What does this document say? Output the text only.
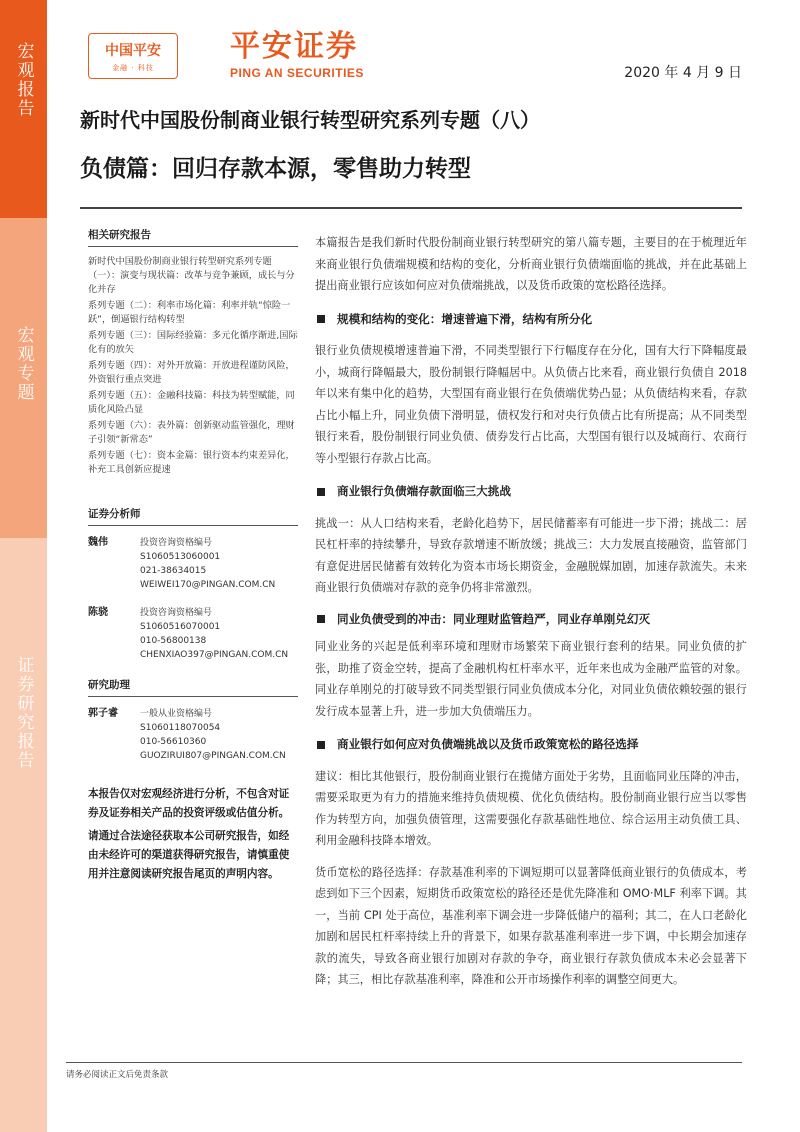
宏观报告
宏观专题
证券研究报告
中国平安
金融 · 科技
平安证券
PING AN SECURITIES	2020 年 4 月 9 日
新时代中国股份制商业银行转型研究系列专题（八）
负债篇：回归存款本源，零售助力转型
相关研究报告
新时代中国股份制商业银行转型研究系列专题（一）：演变与现状篇：改革与竞争兼顾，成长与分化并存
系列专题（二）：利率市场化篇：利率并轨“惊险一跃”，倒逼银行结构转型
系列专题（三）：国际经验篇：多元化循序渐进,国际化有的放矢
系列专题（四）：对外开放篇：开放进程谨防风险，外资银行重点突进
系列专题（五）：金融科技篇：科技为转型赋能，同质化风险凸显
系列专题（六）：表外篇：创新驱动监管强化，理财子引领“新常态”
系列专题（七）：资本金篇：银行资本约束差异化，补充工具创新应提速
证券分析师
魏伟	投资咨询资格编号
S1060513060001
021-38634015
WEIWEI170@PINGAN.COM.CN
陈骁	投资咨询资格编号
S1060516070001
010-56800138
CHENXIAO397@PINGAN.COM.CN
研究助理
郭子睿	一般从业资格编号
S1060118070054
010-56610360
GUOZIRUI807@PINGAN.COM.CN
本报告仅对宏观经济进行分析，不包含对证券及证券相关产品的投资评级或估值分析。
请通过合法途径获取本公司研究报告，如经由未经许可的渠道获得研究报告，请慎重使用并注意阅读研究报告尾页的声明内容。

本篇报告是我们新时代股份制商业银行转型研究的第八篇专题，主要目的在于梳理近年来商业银行负债端规模和结构的变化，分析商业银行负债端面临的挑战，并在此基础上提出商业银行应该如何应对负债端挑战，以及货币政策的宽松路径选择。

规模和结构的变化：增速普遍下滑，结构有所分化

银行业负债规模增速普遍下滑，不同类型银行下行幅度存在分化，国有大行下降幅度最小，城商行降幅最大，股份制银行降幅居中。从负债占比来看，商业银行负债自 2018 年以来有集中化的趋势，大型国有商业银行在负债端优势凸显；从负债结构来看，存款占比小幅上升，同业负债下滑明显，债权发行和对央行负债占比有所提高；从不同类型银行来看，股份制银行同业负债、债券发行占比高，大型国有银行以及城商行、农商行等小型银行存款占比高。

商业银行负债端存款面临三大挑战

挑战一：从人口结构来看，老龄化趋势下，居民储蓄率有可能进一步下滑；挑战二：居民杠杆率的持续攀升，导致存款增速不断放缓；挑战三：大力发展直接融资，监管部门有意促进居民储蓄有效转化为资本市场长期资金，金融脱媒加剧，加速存款流失。未来商业银行负债端对存款的竞争仍将非常激烈。

同业负债受到的冲击：同业理财监管趋严，同业存单刚兑幻灭

同业业务的兴起是低利率环境和理财市场繁荣下商业银行套利的结果。同业负债的扩张，助推了资金空转，提高了金融机构杠杆率水平，近年来也成为金融严监管的对象。同业存单刚兑的打破导致不同类型银行同业负债成本分化，对同业负债依赖较强的银行发行成本显著上升，进一步加大负债端压力。

商业银行如何应对负债端挑战以及货币政策宽松的路径选择

建议：相比其他银行，股份制商业银行在揽储方面处于劣势，且面临同业压降的冲击，需要采取更为有力的措施来维持负债规模、优化负债结构。股份制商业银行应当以零售作为转型方向，加强负债管理，这需要强化存款基础性地位、综合运用主动负债工具、利用金融科技降本增效。

货币宽松的路径选择：存款基准利率的下调短期可以显著降低商业银行的负债成本，考虑到如下三个因素，短期货币政策宽松的路径还是优先降准和 OMO·MLF 利率下调。其一，当前 CPI 处于高位，基准利率下调会进一步降低储户的福利；其二，在人口老龄化加剧和居民杠杆率持续上升的背景下，如果存款基准利率进一步下调，中长期会加速存款的流失，导致各商业银行加剧对存款的争夺，商业银行存款负债成本未必会显著下降；其三，相比存款基准利率，降准和公开市场操作利率的调整空间更大。

请务必阅读正文后免责条款
